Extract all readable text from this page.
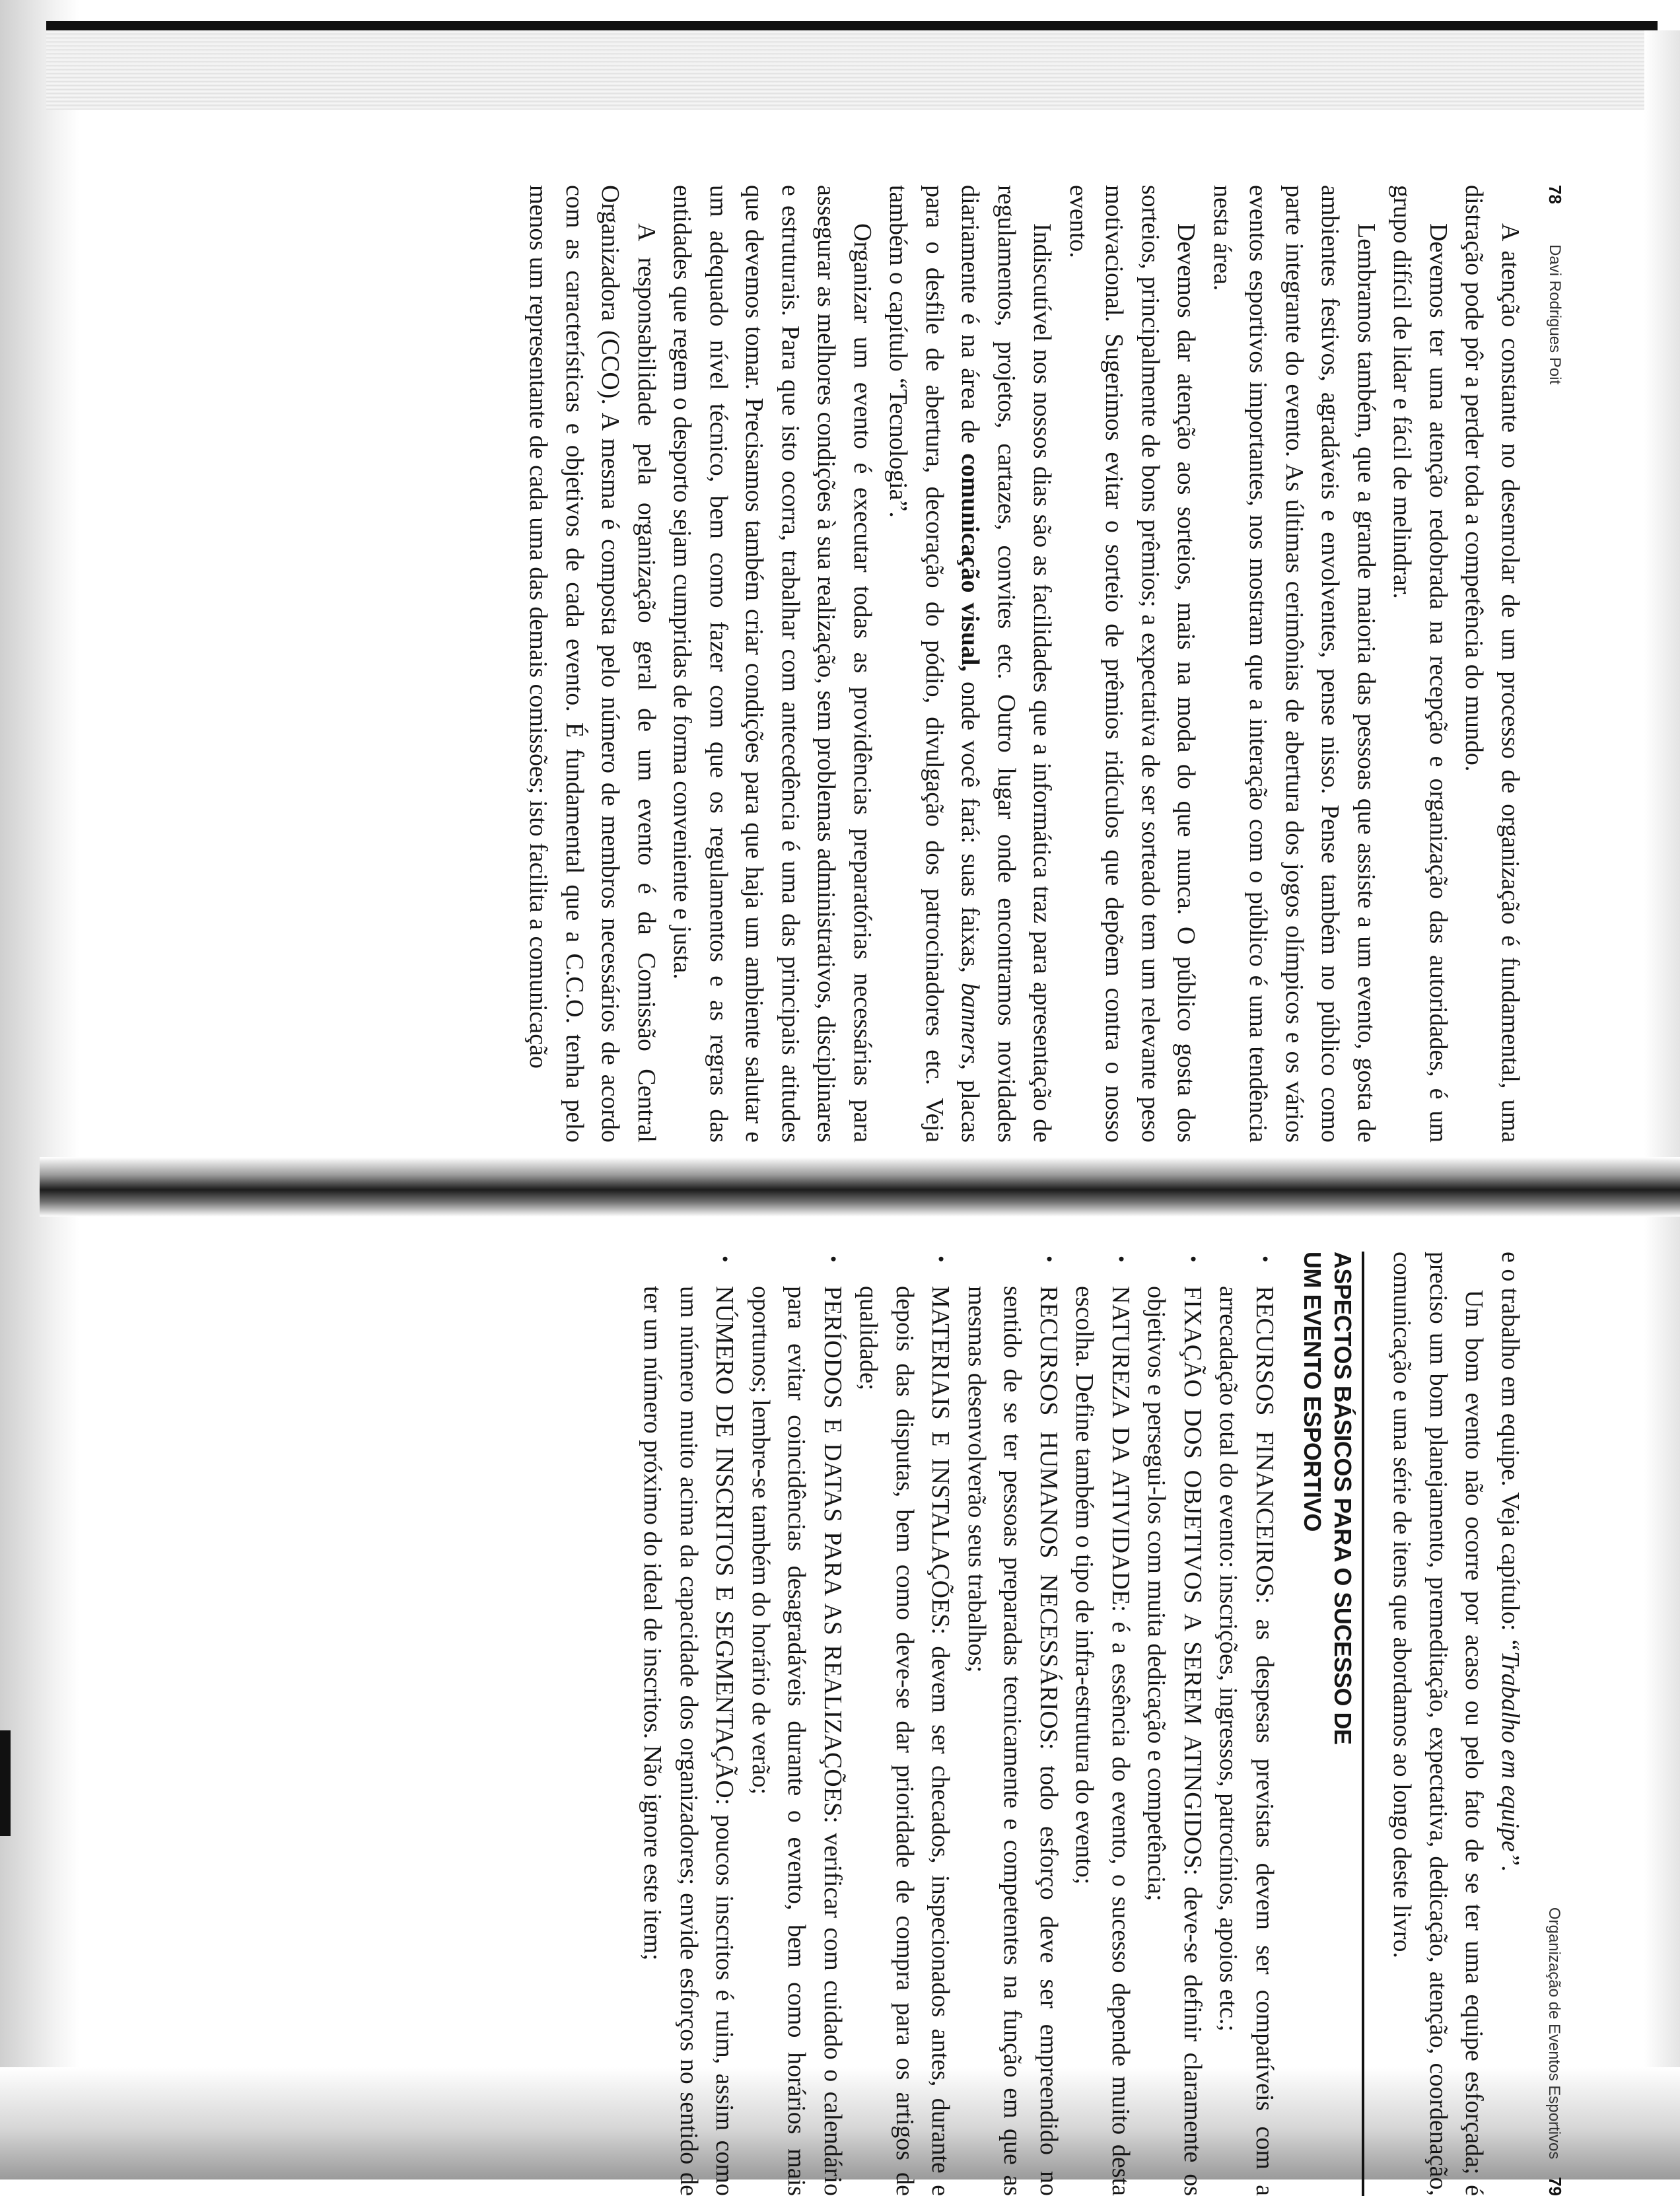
78
Davi Rodrigues Poit

A atenção constante no desenrolar de um processo de organização é fundamental, uma distração pode pôr a perder toda a competência do mundo.

Devemos ter uma atenção redobrada na recepção e organização das autoridades, é um grupo difícil de lidar e fácil de melindrar.

Lembramos também, que a grande maioria das pessoas que assiste a um evento, gosta de ambientes festivos, agradáveis e envolventes, pense nisso. Pense também no público como parte integrante do evento. As últimas cerimônias de abertura dos jogos olímpicos e os vários eventos esportivos importantes, nos mostram que a interação com o público é uma tendência nesta área.

Devemos dar atenção aos sorteios, mais na moda do que nunca. O público gosta dos sorteios, principalmente de bons prêmios; a expectativa de ser sorteado tem um relevante peso motivacional. Sugerimos evitar o sorteio de prêmios ridículos que depõem contra o nosso evento.

Indiscutível nos nossos dias são as facilidades que a informática traz para apresentação de regulamentos, projetos, cartazes, convites etc. Outro lugar onde encontramos novidades diariamente é na área de comunicação visual, onde você fará: suas faixas, banners, placas para o desfile de abertura, decoração do pódio, divulgação dos patrocinadores etc. Veja também o capítulo “Tecnologia”.

Organizar um evento é executar todas as providências preparatórias necessárias para assegurar as melhores condições à sua realização, sem problemas administrativos, disciplinares e estruturais. Para que isto ocorra, trabalhar com antecedência é uma das principais atitudes que devemos tomar. Precisamos também criar condições para que haja um ambiente salutar e um adequado nível técnico, bem como fazer com que os regulamentos e as regras das entidades que regem o desporto sejam cumpridas de forma conveniente e justa.

A responsabilidade pela organização geral de um evento é da Comissão Central Organizadora (CCO). A mesma é composta pelo número de membros necessários de acordo com as características e objetivos de cada evento. É fundamental que a C.C.O. tenha pelo menos um representante de cada uma das demais comissões; isto facilita a comunicação

Organização de Eventos Esportivos 79

e o trabalho em equipe. Veja capítulo: “Trabalho em equipe”.

Um bom evento não ocorre por acaso ou pelo fato de se ter uma equipe esforçada; é preciso um bom planejamento, premeditação, expectativa, dedicação, atenção, coordenação, comunicação e uma série de itens que abordamos ao longo deste livro.

ASPECTOS BÁSICOS PARA O SUCESSO DE
UM EVENTO ESPORTIVO
•
RECURSOS FINANCEIROS: as despesas previstas devem ser compatíveis com a arrecadação total do evento: inscrições, ingressos, patrocínios, apoios etc.;
•
FIXAÇÃO DOS OBJETIVOS A SEREM ATINGIDOS: deve-se definir claramente os objetivos e persegui-los com muita dedicação e competência;
•
NATUREZA DA ATIVIDADE: é a essência do evento, o sucesso depende muito desta escolha. Define também o tipo de infra-estrutura do evento;
•
RECURSOS HUMANOS NECESSÁRIOS: todo esforço deve ser empreendido no sentido de se ter pessoas preparadas tecnicamente e competentes na função em que as mesmas desenvolverão seus trabalhos;
•
MATERIAIS E INSTALAÇÕES: devem ser checados, inspecionados antes, durante e depois das disputas, bem como deve-se dar prioridade de compra para os artigos de qualidade;
•
PERÍODOS E DATAS PARA AS REALIZAÇÕES: verificar com cuidado o calendário para evitar coincidências desagradáveis durante o evento, bem como horários mais oportunos; lembre-se também do horário de verão;
•
NÚMERO DE INSCRITOS E SEGMENTAÇÃO: poucos inscritos é ruim, assim como um número muito acima da capacidade dos organizadores; envide esforços no sentido de ter um número próximo do ideal de inscritos. Não ignore este item;
